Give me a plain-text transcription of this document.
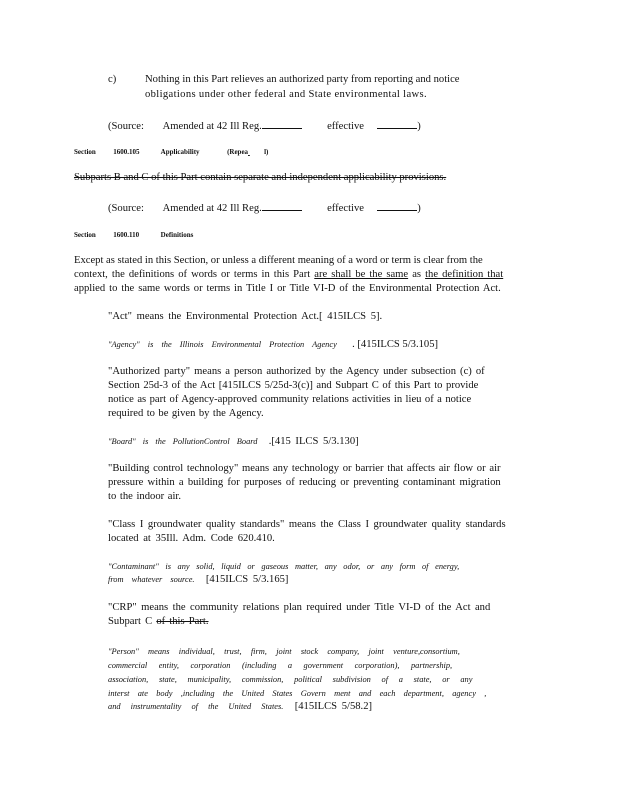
c)	Nothing in this Part relieves an authorized party from reporting and notice
obligations under other federal and State environmental laws.
(Source: Amended at 42 Ill Reg.	effective	)
Section	1600.105	Applicability	(Repea l)
Subparts B and C of this Part contain separate and independent applicability provisions.
(Source: Amended at 42 Ill Reg.	effective	)
Section	1600.110	Definitions
Except as stated in this Section, or unless a different meaning of a word or term is clear from the
context, the definitions of words or terms in this Part are shall be the same as the definition that
applied to the same words or terms in Title I or Title VI-D of the Environmental Protection Act.
"Act" means the Environmental Protection Act.[ 415ILCS 5].
"Agency" is the Illinois Environmental Protection Agency . [415ILCS 5/3.105]
"Authorized party" means a person authorized by the Agency under subsection (c) of
Section 25d-3 of the Act [415ILCS 5/25d-3(c)] and Subpart C of this Part to provide
notice as part of Agency-approved community relations activities in lieu of a notice
required to be given by the Agency.
"Board" is the PollutionControl Board .[415 ILCS 5/3.130]
"Building control technology" means any technology or barrier that affects air flow or air
pressure within a building for purposes of reducing or preventing contaminant migration
to the indoor air.
"Class I groundwater quality standards" means the Class I groundwater quality standards
located at 35Ill. Adm. Code 620.410.
"Contaminant" is any solid, liquid or gaseous matter, any odor, or any form of energy,
from whatever source. [415ILCS 5/3.165]
"CRP" means the community relations plan required under Title VI-D of the Act and
Subpart C of this Part.
"Person" means individual, trust, firm, joint stock company, joint venture,consortium,
commercial entity, corporation (including a government corporation), partnership,
association, state, municipality, commission, political subdivision of a state, or any
interst ate body ,including the United States Govern ment and each department, agency ,
and instrumentality of the United States. [415ILCS 5/58.2]
